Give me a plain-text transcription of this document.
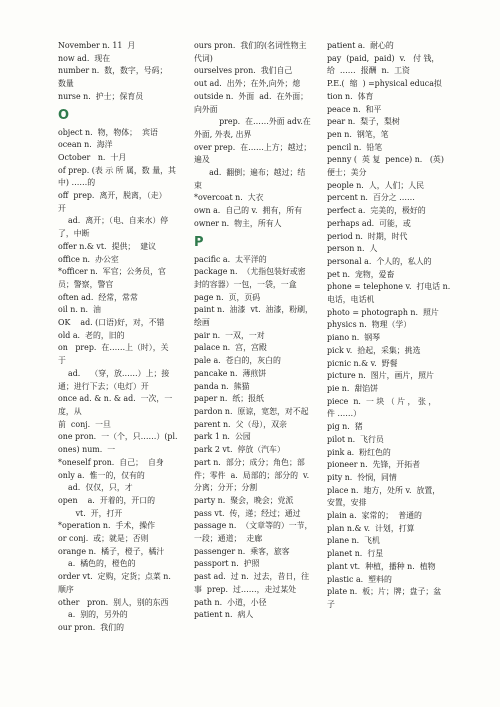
November n. 11  月
now ad.  现在
number n.  数，数字，号码；
数量
nurse n.  护士；保育员
O
object n.  物，物体；  宾语
ocean n.  海洋
October   n.  十月
of prep. (表 示 所 属，数 量，其
中) ……的
off  prep.  离开，脱离，（走）
开
ad.  离开；（电、自来水）停
了，中断
offer n.& vt.  提供；  建议
office n.  办公室
*officer n.  军官；公务员，官
员；警察，警官
often ad.  经常，常常
oil n. n.  油
OK    ad. (口语)好，对，不错
old a.  老的，旧的
on   prep.  在……上（时），关
于
ad.    （穿，放……）上；接
通；进行下去；（电灯）开
once ad. & n. & ad.  一次，一度，从
前  conj.  一旦
one pron.  一（个，只……）(pl.
ones) num.  一
*oneself pron.  自己；  自身
only a.  惟一的，仅有的
ad.  仅仅，只，才
open    a.  开着的，开口的
vt.  开，打开
*operation n.  手术，操作
or conj.  或；就是；否则
orange n.  橘子，橙子，橘汁
a.  橘色的，橙色的
order vt.  定购，定货；点菜 n.
顺序
other   pron.  别人，别的东西
a.  别的，另外的
our pron.  我们的
ours pron.  我们的(名词性物主
代词)
ourselves pron.  我们自己
out ad.  出外；在外,向外；熄
outside n.  外面  ad.  在外面；
向外面
prep.  在……外面 adv.在
外面, 外表, 出界
over prep.  在……上方；越过；
遍及
ad.  翻倒；遍布；越过；结
束
*overcoat n.  大衣
own a.  自己的 v.  拥有，所有
owner n.  物主，所有人
P
pacific a.  太平洋的
package n.  （尤指包装好或密
封的容器）一包，一袋，一盒
page n.  页，页码
paint n.  油漆  vt.  油漆，粉刷，
绘画
pair n.  一双，一对
palace n.  宫，宫殿
pale a.  苍白的，灰白的
pancake n.  薄煎饼
panda n.  熊猫
paper n.  纸；报纸
pardon n.  原谅，宽恕，对不起
parent n.  父（母），双亲
park 1 n.  公园
park 2 vt.  停放（汽车）
part n.  部分；成分；角色；部
件；零件  a.  局部的；部分的  v.
分离；分开；分割
party n.  聚会，晚会；党派
pass vt.  传，递；经过；通过
passage n.  （文章等的）一节，
一段；通道；  走廊
passenger n.  乘客，旅客
passport n.  护照
past ad.  过 n.  过去，昔日，往
事  prep.  过……，走过某处
path n.  小道，小径
patient n.  病人
patient a.  耐心的
pay  (paid,  paid)  v.   付 钱，
给  ……  报酬  n.  工资
P.E.(  缩  ) =physical educa拟
tion n.  体育
peace n.  和平
pear n.  梨子，梨树
pen n.  钢笔，笔
pencil n.  铅笔
penny (  英 复  pence) n.   (英)
便士；美分
people n.  人，人们；人民
percent n.  百分之 ……
perfect a.  完美的，极好的
perhaps ad.  可能，或
period n.  时期，时代
person n.  人
personal a.  个人的，私人的
pet n.  宠物，爱畜
phone = telephone v.  打电话 n.
电话，电话机
photo = photograph n.  照片
physics n.  物理（学）
piano n.  钢琴
pick v.  拾起，采集；挑选
picnic n.& v.  野餐
picture n.  图片，画片，照片
pie n.  甜馅饼
piece  n.  一 块 （ 片 ， 张 ，
件 ……）
pig n.  猪
pilot n.  飞行员
pink a.  粉红色的
pioneer n.  先锋，开拓者
pity n.  怜悯，同情
place n.  地方，处所 v.  放置，
安置，安排
plain a.  家常的；  普通的
plan n.& v.  计划，打算
plane n.  飞机
planet n.  行星
plant vt.  种植，播种 n.  植物
plastic a.  塑料的
plate n.  板；片；牌；盘子；盆
子
